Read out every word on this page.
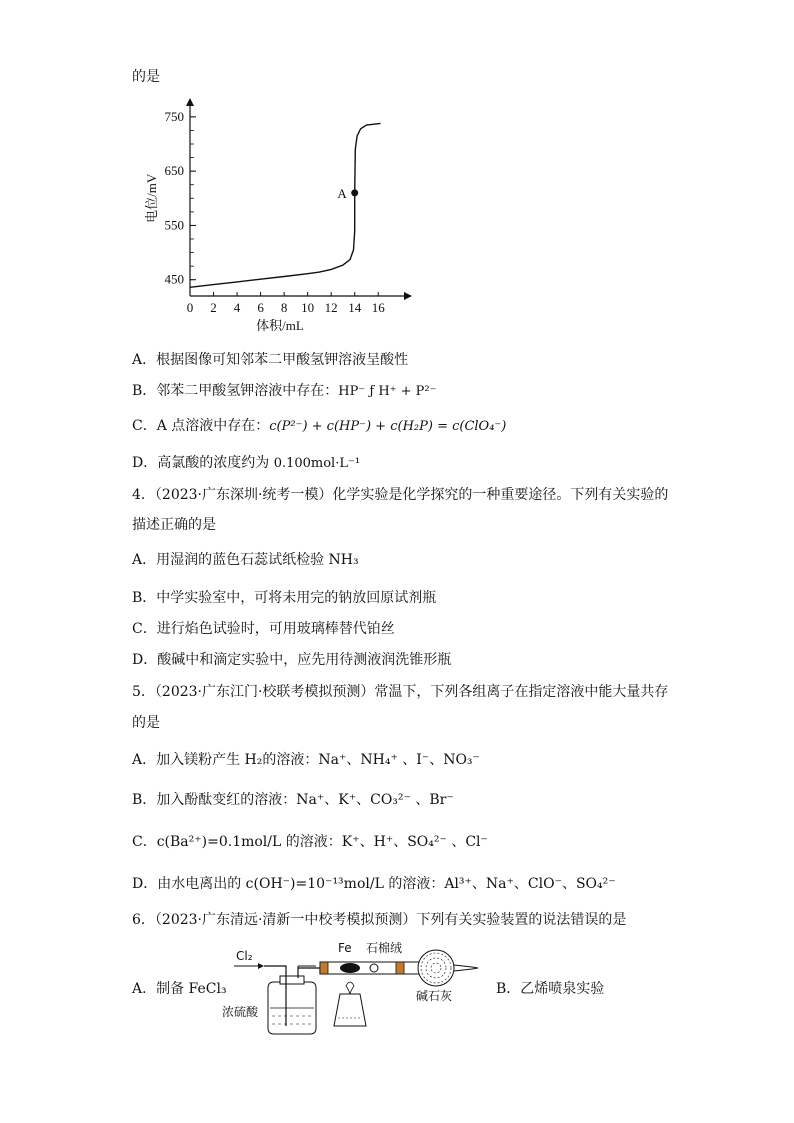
的是
0 2 4 6 8 10 12 14 16
450
550
650
750
体积/mL
电位/mV	A
A．根据图像可知邻苯二甲酸氢钾溶液呈酸性
B．邻苯二甲酸氢钾溶液中存在：HP⁻ ƒ H⁺ + P²⁻
C．A 点溶液中存在：c(P²⁻) + c(HP⁻) + c(H₂P) = c(ClO₄⁻)
D．高氯酸的浓度约为 0.100mol·L⁻¹
4．（2023·广东深圳·统考一模）化学实验是化学探究的一种重要途径。下列有关实验的
描述正确的是
A．用湿润的蓝色石蕊试纸检验 NH₃
B．中学实验室中，可将未用完的钠放回原试剂瓶
C．进行焰色试验时，可用玻璃棒替代铂丝
D．酸碱中和滴定实验中，应先用待测液润洗锥形瓶
5．（2023·广东江门·校联考模拟预测）常温下，下列各组离子在指定溶液中能大量共存
的是
A．加入镁粉产生 H₂的溶液：Na⁺、NH₄⁺ 、I⁻、NO₃⁻
B．加入酚酞变红的溶液：Na⁺、K⁺、CO₃²⁻ 、Br⁻
C．c(Ba²⁺)=0.1mol/L 的溶液：K⁺、H⁺、SO₄²⁻ 、Cl⁻
D．由水电离出的 c(OH⁻)=10⁻¹³mol/L 的溶液：Al³⁺、Na⁺、ClO⁻、SO₄²⁻
6．（2023·广东清远·清新一中校考模拟预测）下列有关实验装置的说法错误的是
A．制备 FeCl₃	B．乙烯喷泉实验
Cl₂
Fe 石棉绒
碱石灰
浓硫酸
